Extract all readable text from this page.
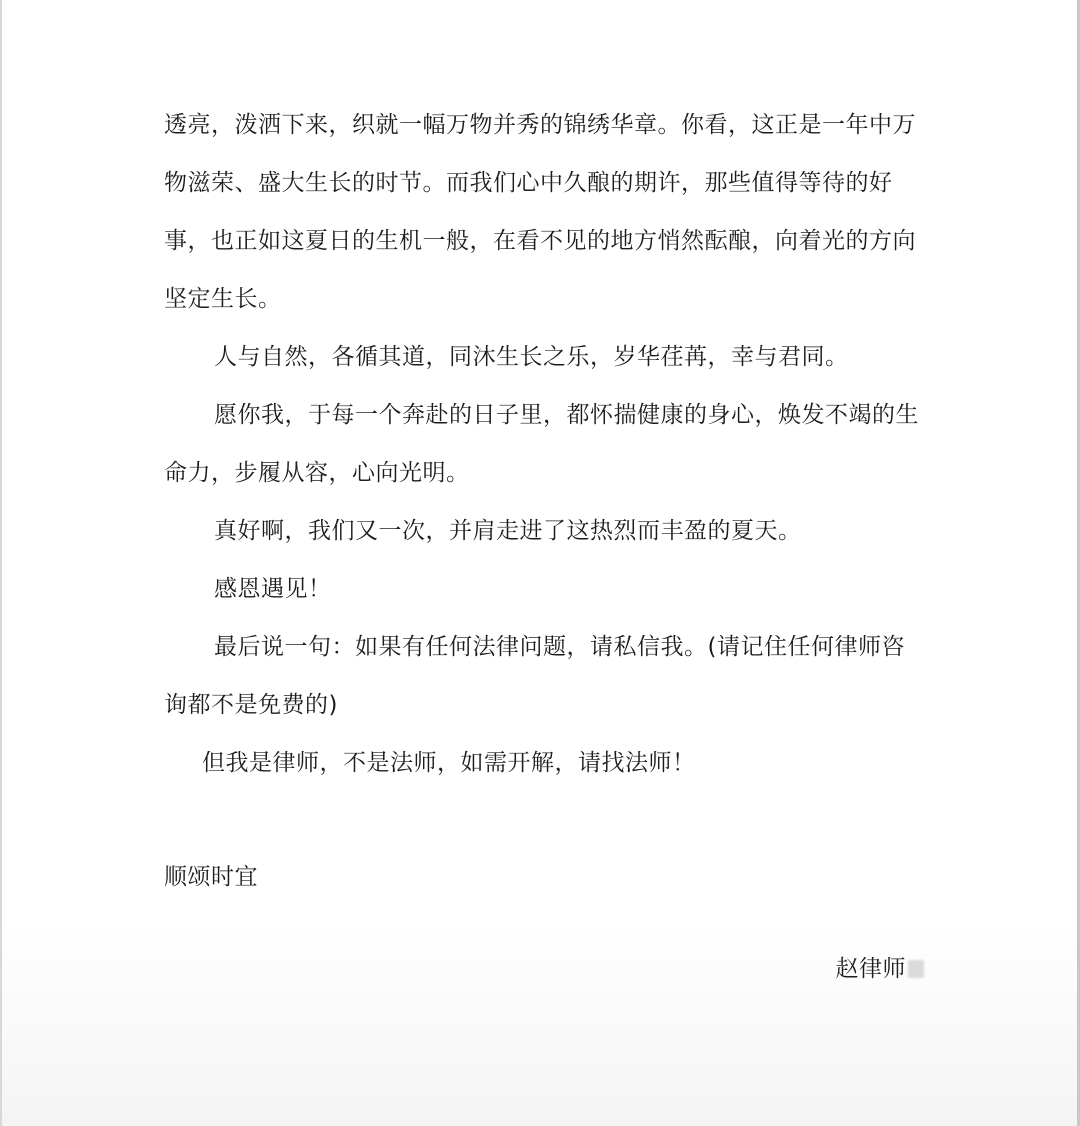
透亮，泼洒下来，织就一幅万物并秀的锦绣华章。你看，这正是一年中万物滋荣、盛大生长的时节。而我们心中久酿的期许，那些值得等待的好事，也正如这夏日的生机一般，在看不见的地方悄然酝酿，向着光的方向坚定生长。

人与自然，各循其道，同沐生长之乐，岁华荏苒，幸与君同。

愿你我，于每一个奔赴的日子里，都怀揣健康的身心，焕发不竭的生命力，步履从容，心向光明。

真好啊，我们又一次，并肩走进了这热烈而丰盈的夏天。

感恩遇见！

最后说一句：如果有任何法律问题，请私信我。(请记住任何律师咨询都不是免费的)

但我是律师，不是法师，如需开解，请找法师！

顺颂时宜

赵律师
